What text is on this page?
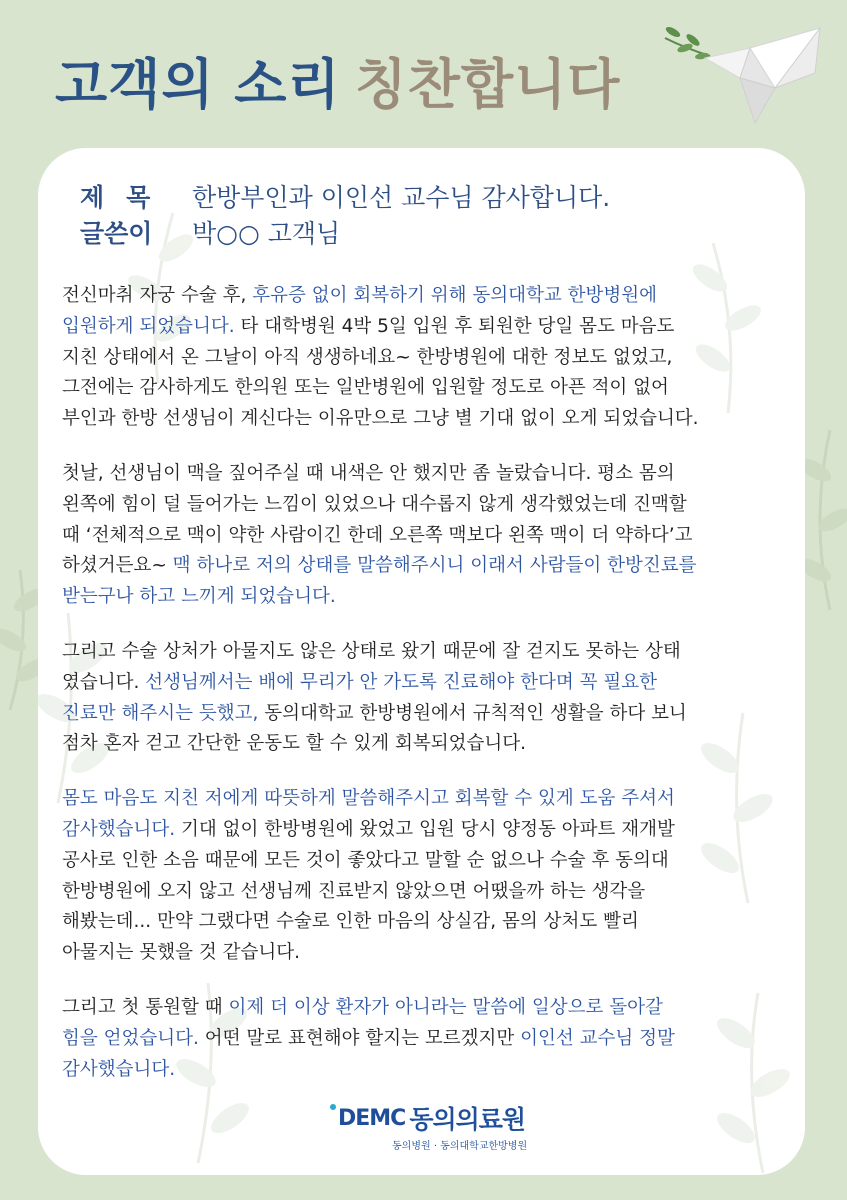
고객의 소리 칭찬합니다
제목 한방부인과 이인선 교수님 감사합니다.
글쓴이	박○○ 고객님

전신마취 자궁 수술 후, 후유증 없이 회복하기 위해 동의대학교 한방병원에
입원하게 되었습니다. 타 대학병원 4박 5일 입원 후 퇴원한 당일 몸도 마음도
지친 상태에서 온 그날이 아직 생생하네요~ 한방병원에 대한 정보도 없었고,
그전에는 감사하게도 한의원 또는 일반병원에 입원할 정도로 아픈 적이 없어
부인과 한방 선생님이 계신다는 이유만으로 그냥 별 기대 없이 오게 되었습니다.

첫날, 선생님이 맥을 짚어주실 때 내색은 안 했지만 좀 놀랐습니다. 평소 몸의
왼쪽에 힘이 덜 들어가는 느낌이 있었으나 대수롭지 않게 생각했었는데 진맥할
때 ‘전체적으로 맥이 약한 사람이긴 한데 오른쪽 맥보다 왼쪽 맥이 더 약하다’고
하셨거든요~ 맥 하나로 저의 상태를 말씀해주시니 이래서 사람들이 한방진료를
받는구나 하고 느끼게 되었습니다.

그리고 수술 상처가 아물지도 않은 상태로 왔기 때문에 잘 걷지도 못하는 상태
였습니다. 선생님께서는 배에 무리가 안 가도록 진료해야 한다며 꼭 필요한
진료만 해주시는 듯했고, 동의대학교 한방병원에서 규칙적인 생활을 하다 보니
점차 혼자 걷고 간단한 운동도 할 수 있게 회복되었습니다.

몸도 마음도 지친 저에게 따뜻하게 말씀해주시고 회복할 수 있게 도움 주셔서
감사했습니다. 기대 없이 한방병원에 왔었고 입원 당시 양정동 아파트 재개발
공사로 인한 소음 때문에 모든 것이 좋았다고 말할 순 없으나 수술 후 동의대
한방병원에 오지 않고 선생님께 진료받지 않았으면 어땠을까 하는 생각을
해봤는데... 만약 그랬다면 수술로 인한 마음의 상실감, 몸의 상처도 빨리
아물지는 못했을 것 같습니다.

그리고 첫 통원할 때 이제 더 이상 환자가 아니라는 말씀에 일상으로 돌아갈
힘을 얻었습니다. 어떤 말로 표현해야 할지는 모르겠지만 이인선 교수님 정말
감사했습니다.

DEMC 동의의료원
동의병원 · 동의대학교한방병원
